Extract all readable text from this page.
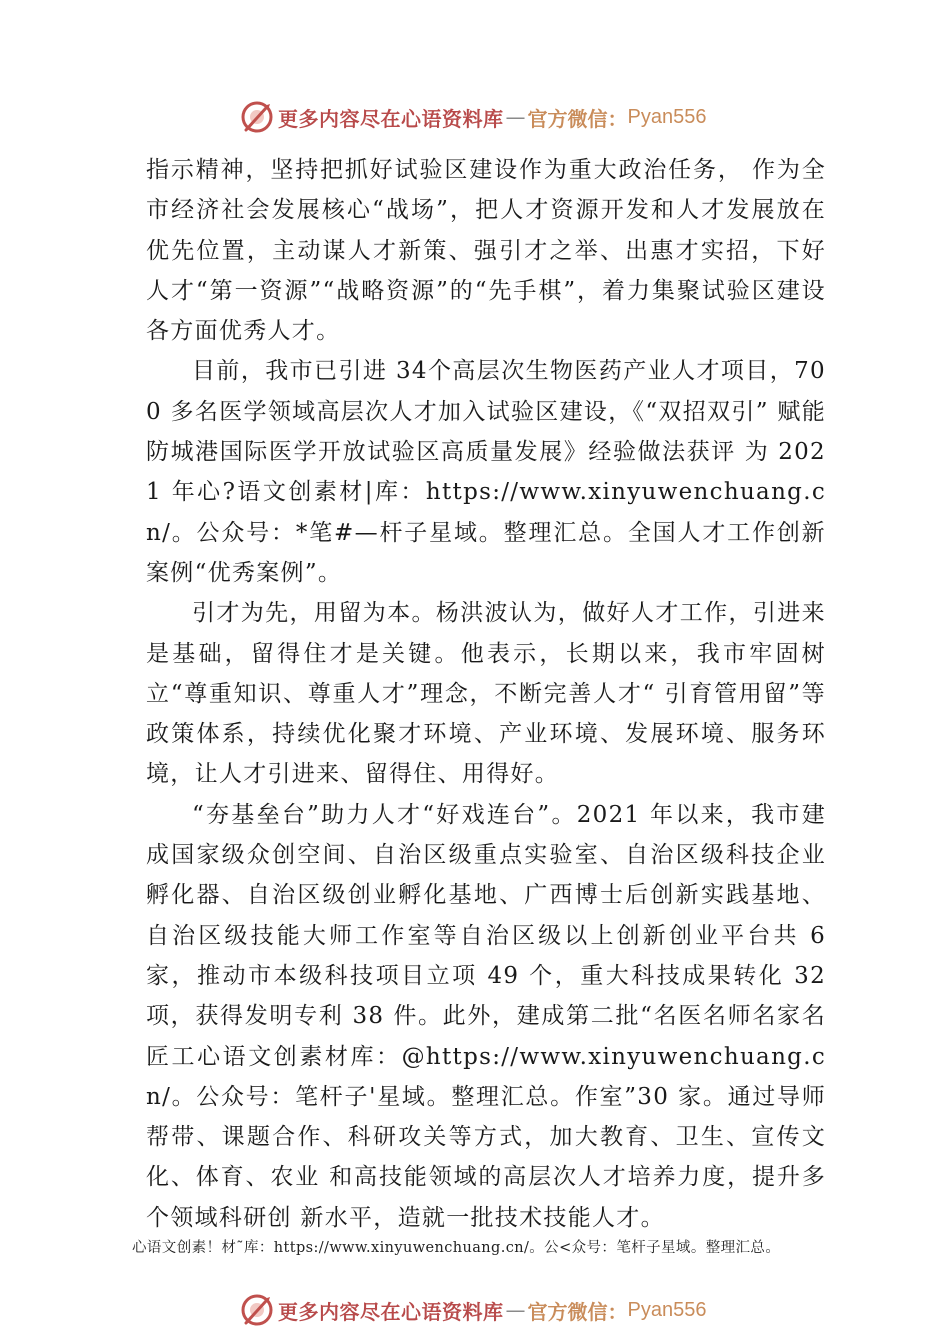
更多内容尽在心语资料库 — 官方微信： Pyan556

指示精神，坚持把抓好试验区建设作为重大政治任务， 作为全市经济社会发展核心“战场”，把人才资源开发和人才发展放在优先位置，主动谋人才新策、强引才之举、出惠才实招，下好人才“第一资源”“战略资源”的“先手棋”，着力集聚试验区建设各方面优秀人才。

目前，我市已引进 34个高层次生物医药产业人才项目，700 多名医学领域高层次人才加入试验区建设，《“双招双引” 赋能防城港国际医学开放试验区高质量发展》经验做法获评 为 2021 年心?语文创素材|库：https://www.xinyuwenchuang.cn/。公众号：*笔#—杆子星域。整理汇总。全国人才工作创新案例“优秀案例”。

引才为先，用留为本。杨洪波认为，做好人才工作，引进来是基础，留得住才是关键。他表示，长期以来，我市牢固树立“尊重知识、尊重人才”理念，不断完善人才“ 引育管用留”等政策体系，持续优化聚才环境、产业环境、发展环境、服务环境，让人才引进来、留得住、用得好。

“夯基垒台”助力人才“好戏连台”。2021 年以来，我市建成国家级众创空间、自治区级重点实验室、自治区级科技企业孵化器、自治区级创业孵化基地、广西博士后创新实践基地、自治区级技能大师工作室等自治区级以上创新创业平台共 6家，推动市本级科技项目立项 49 个，重大科技成果转化 32 项，获得发明专利 38 件。此外，建成第二批“名医名师名家名匠工心语文创素材库：@https://www.xinyuwenchuang.cn/。公众号：笔杆子'星域。整理汇总。作室”30 家。通过导师帮带、课题合作、科研攻关等方式，加大教育、卫生、宣传文化、体育、农业 和高技能领域的高层次人才培养力度，提升多个领域科研创 新水平，造就一批技术技能人才。

心语文创素！材˜库：https://www.xinyuwenchuang.cn/。公<众号：笔杆子星域。整理汇总。
更多内容尽在心语资料库 — 官方微信： Pyan556
